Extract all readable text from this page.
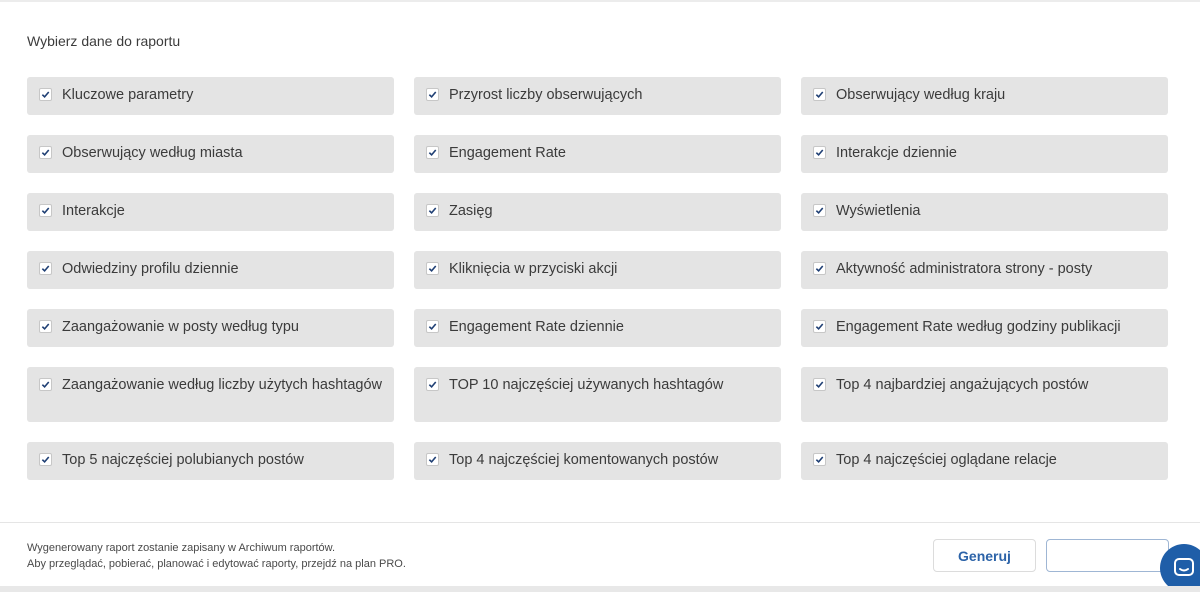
Wybierz dane do raportu
Kluczowe parametry	Przyrost liczby obserwujących	Obserwujący według kraju
Obserwujący według miasta	Engagement Rate	Interakcje dziennie
Interakcje	Zasięg	Wyświetlenia
Odwiedziny profilu dziennie	Kliknięcia w przyciski akcji	Aktywność administratora strony - posty
Zaangażowanie w posty według typu	Engagement Rate dziennie	Engagement Rate według godziny publikacji
Zaangażowanie według liczby użytych hashtagów	TOP 10 najczęściej używanych hashtagów	Top 4 najbardziej angażujących postów
Top 5 najczęściej polubianych postów	Top 4 najczęściej komentowanych postów	Top 4 najczęściej oglądane relacje
Wygenerowany raport zostanie zapisany w Archiwum raportów.
Aby przeglądać, pobierać, planować i edytować raporty, przejdź na plan PRO.
Generuj
